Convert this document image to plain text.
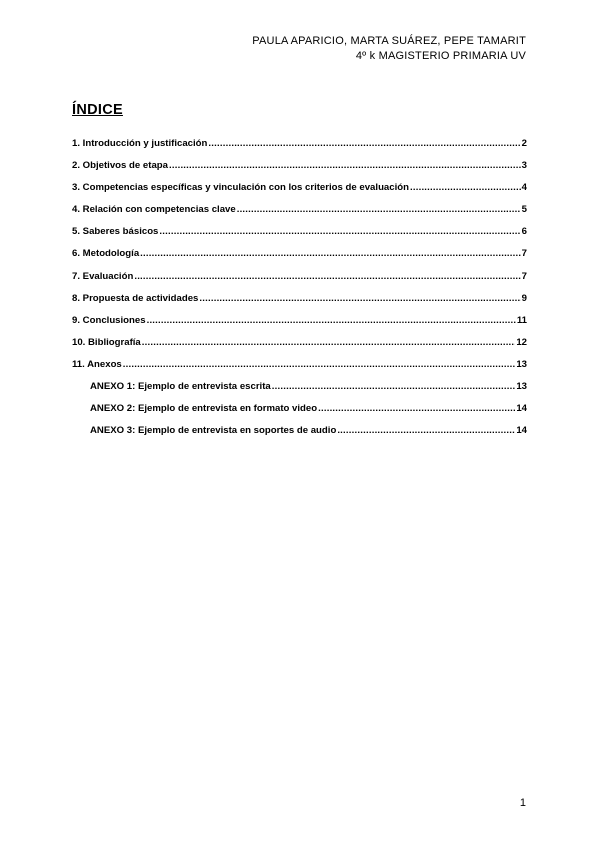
PAULA APARICIO, MARTA SUÁREZ, PEPE TAMARIT
4º k MAGISTERIO PRIMARIA UV
ÍNDICE
1. Introducción y justificación .....	2
2. Objetivos de etapa .....	3
3. Competencias específicas y vinculación con los criterios de evaluación .....	4
4. Relación con competencias clave .....	5
5. Saberes básicos .....	6
6. Metodología .....	7
7. Evaluación .....	7
8. Propuesta de actividades .....	9
9. Conclusiones .....	11
10. Bibliografía .....	12
11. Anexos .....	13
ANEXO 1: Ejemplo de entrevista escrita .....	13
ANEXO 2: Ejemplo de entrevista en formato video .....	14
ANEXO 3: Ejemplo de entrevista en soportes de audio .....	14
1
